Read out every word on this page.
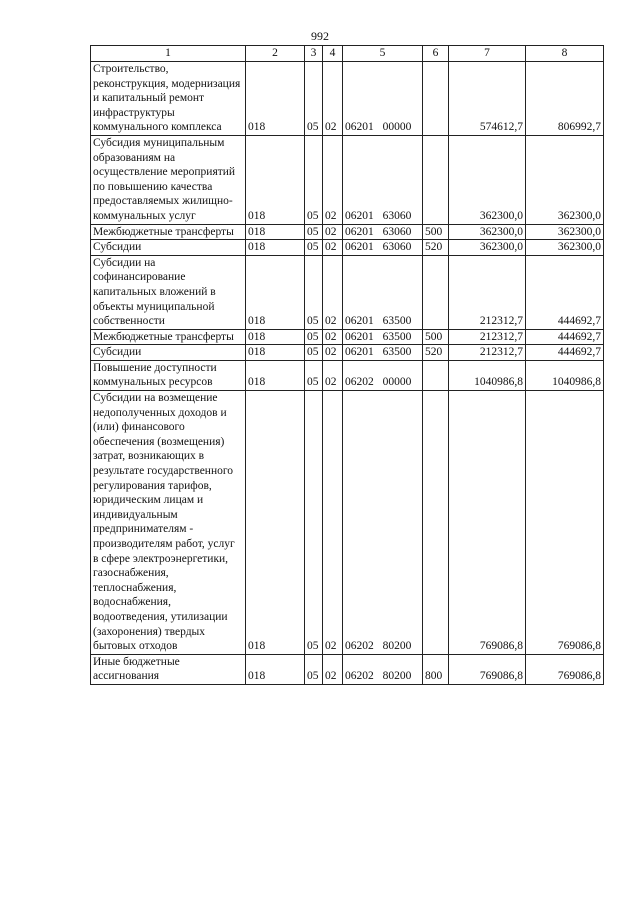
992
1	2	3	4	5	6	7	8
Строительство, реконструкция, модернизация и капитальный ремонт инфраструктуры коммунального комплекса	018	05	02	06201 00000		574612,7	806992,7
Субсидия муниципальным образованиям на осуществление мероприятий по повышению качества предоставляемых жилищно-коммунальных услуг	018	05	02	06201 63060		362300,0	362300,0
Межбюджетные трансферты	018	05	02	06201 63060	500	362300,0	362300,0
Субсидии	018	05	02	06201 63060	520	362300,0	362300,0
Субсидии на софинансирование капитальных вложений в объекты муниципальной собственности	018	05	02	06201 63500		212312,7	444692,7
Межбюджетные трансферты	018	05	02	06201 63500	500	212312,7	444692,7
Субсидии	018	05	02	06201 63500	520	212312,7	444692,7
Повышение доступности коммунальных ресурсов	018	05	02	06202 00000		1040986,8	1040986,8
Субсидии на возмещение недополученных доходов и (или) финансового обеспечения (возмещения) затрат, возникающих в результате государственного регулирования тарифов, юридическим лицам и индивидуальным предпринимателям - производителям работ, услуг в сфере электроэнергетики, газоснабжения, теплоснабжения, водоснабжения, водоотведения, утилизации (захоронения) твердых бытовых отходов	018	05	02	06202 80200		769086,8	769086,8
Иные бюджетные ассигнования	018	05	02	06202 80200	800	769086,8	769086,8
